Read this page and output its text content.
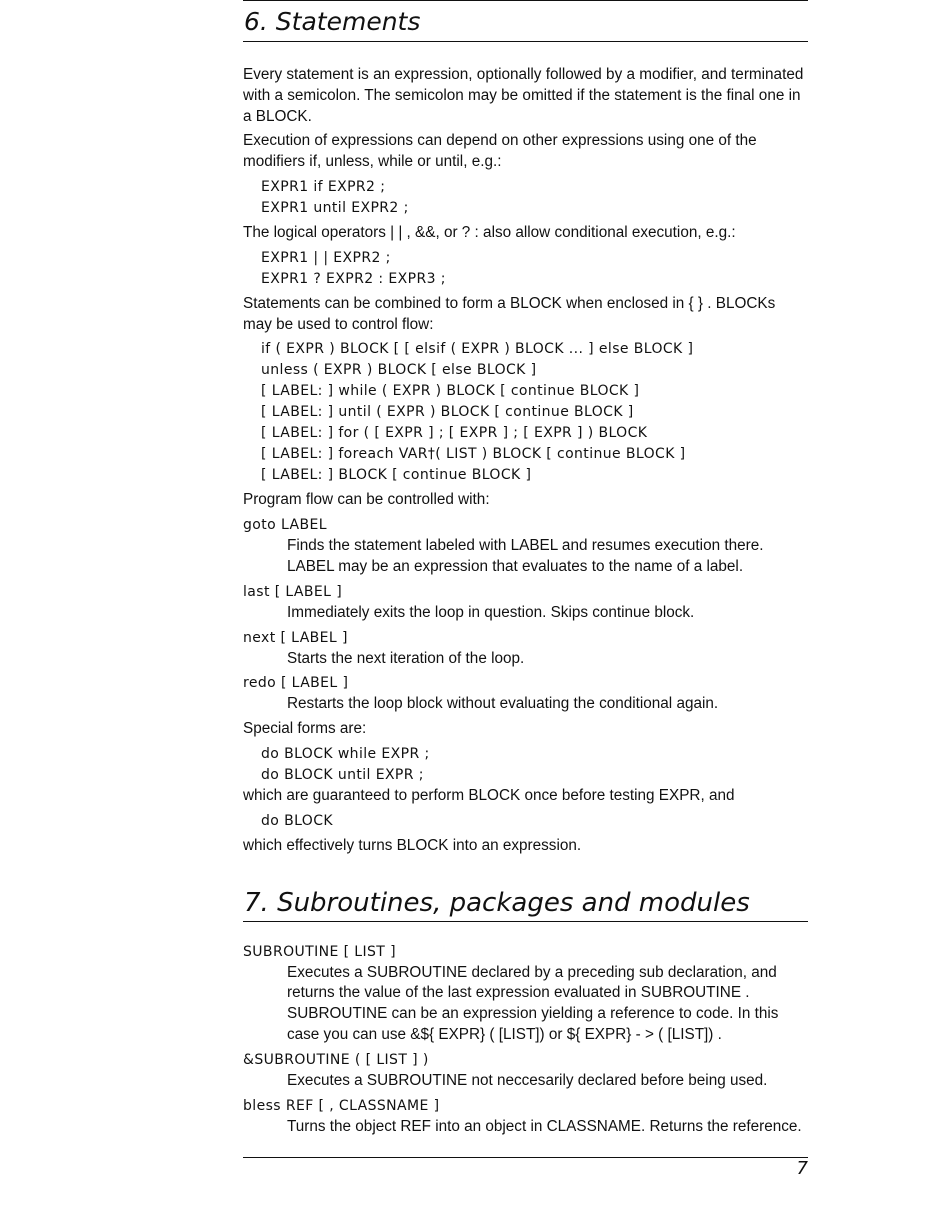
6. Statements

Every statement is an expression, optionally followed by a modifier, and terminated with a semicolon. The semicolon may be omitted if the statement is the final one in a BLOCK.

Execution of expressions can depend on other expressions using one of the modifiers if, unless, while or until, e.g.:

EXPR1 if EXPR2 ;
EXPR1 until EXPR2 ;

The logical operators | | , &&, or ? : also allow conditional execution, e.g.:

EXPR1 | | EXPR2 ;
EXPR1 ? EXPR2 : EXPR3 ;

Statements can be combined to form a BLOCK when enclosed in { } . BLOCKs may be used to control flow:

if ( EXPR ) BLOCK [ [ elsif ( EXPR ) BLOCK ... ] else BLOCK ]
unless ( EXPR ) BLOCK [ else BLOCK ]
[ LABEL: ] while ( EXPR ) BLOCK [ continue BLOCK ]
[ LABEL: ] until ( EXPR ) BLOCK [ continue BLOCK ]
[ LABEL: ] for ( [ EXPR ] ; [ EXPR ] ; [ EXPR ] ) BLOCK
[ LABEL: ] foreach VAR†( LIST ) BLOCK [ continue BLOCK ]
[ LABEL: ] BLOCK [ continue BLOCK ]

Program flow can be controlled with:

goto LABEL

Finds the statement labeled with LABEL and resumes execution there.

LABEL may be an expression that evaluates to the name of a label.

last [ LABEL ]

Immediately exits the loop in question. Skips continue block.

next [ LABEL ]

Starts the next iteration of the loop.

redo [ LABEL ]

Restarts the loop block without evaluating the conditional again.

Special forms are:

do BLOCK while EXPR ;
do BLOCK until EXPR ;

which are guaranteed to perform BLOCK once before testing EXPR, and

do BLOCK

which effectively turns BLOCK into an expression.

7. Subroutines, packages and modules
SUBROUTINE [ LIST ]

Executes a SUBROUTINE declared by a preceding sub declaration, and

returns the value of the last expression evaluated in SUBROUTINE .

SUBROUTINE can be an expression yielding a reference to code. In this

case you can use &${ EXPR} ( [LIST]) or ${ EXPR} - > ( [LIST]) .

&SUBROUTINE ( [ LIST ] )

Executes a SUBROUTINE not neccesarily declared before being used.

bless REF [ , CLASSNAME ]

Turns the object REF into an object in CLASSNAME. Returns the reference.

7
